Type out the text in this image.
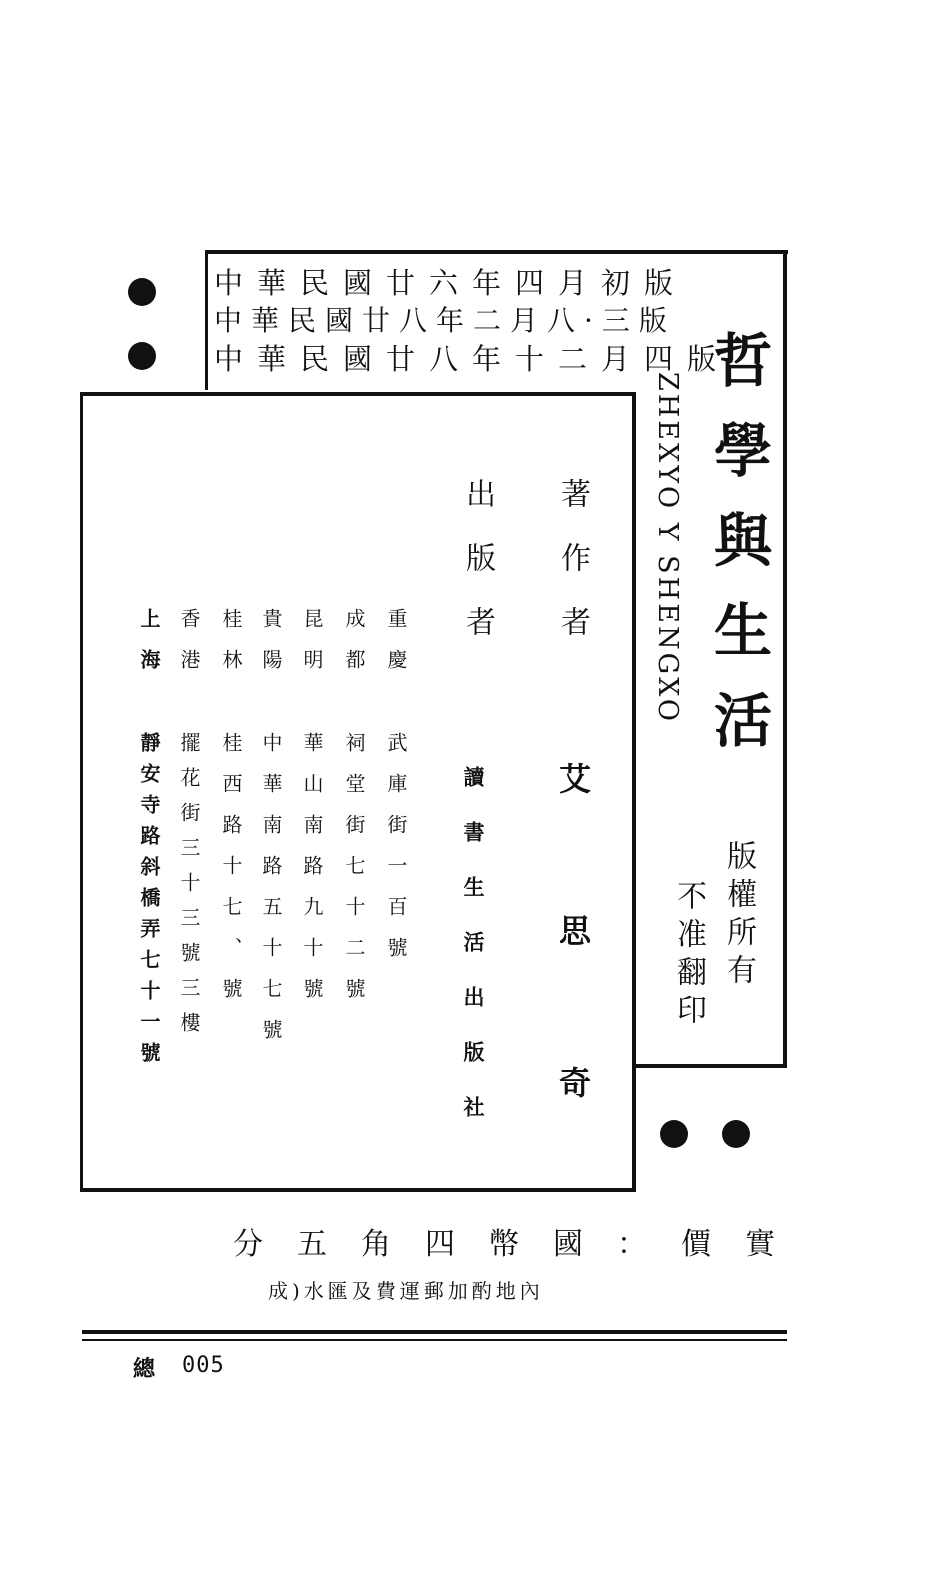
中華民國廿六年四月初版
中華民國廿八年二月八·三版
中華民國廿八年十二月四版
哲學與生活
ZHEXYO Y SHENGXO
版權所有
不准翻印
著作者
艾思奇
出版者
讀書生活出版社
重慶
武庫街一百號
成都
祠堂街七十二號
昆明
華山南路九十號
貴陽
中華南路五十七號
桂林
桂西路十七、號
香港
擺花街三十三號三樓
上海
靜安寺路斜橋弄七十一號
實價：國幣四角五分
內地酌加郵運費及匯水(成
總 005
